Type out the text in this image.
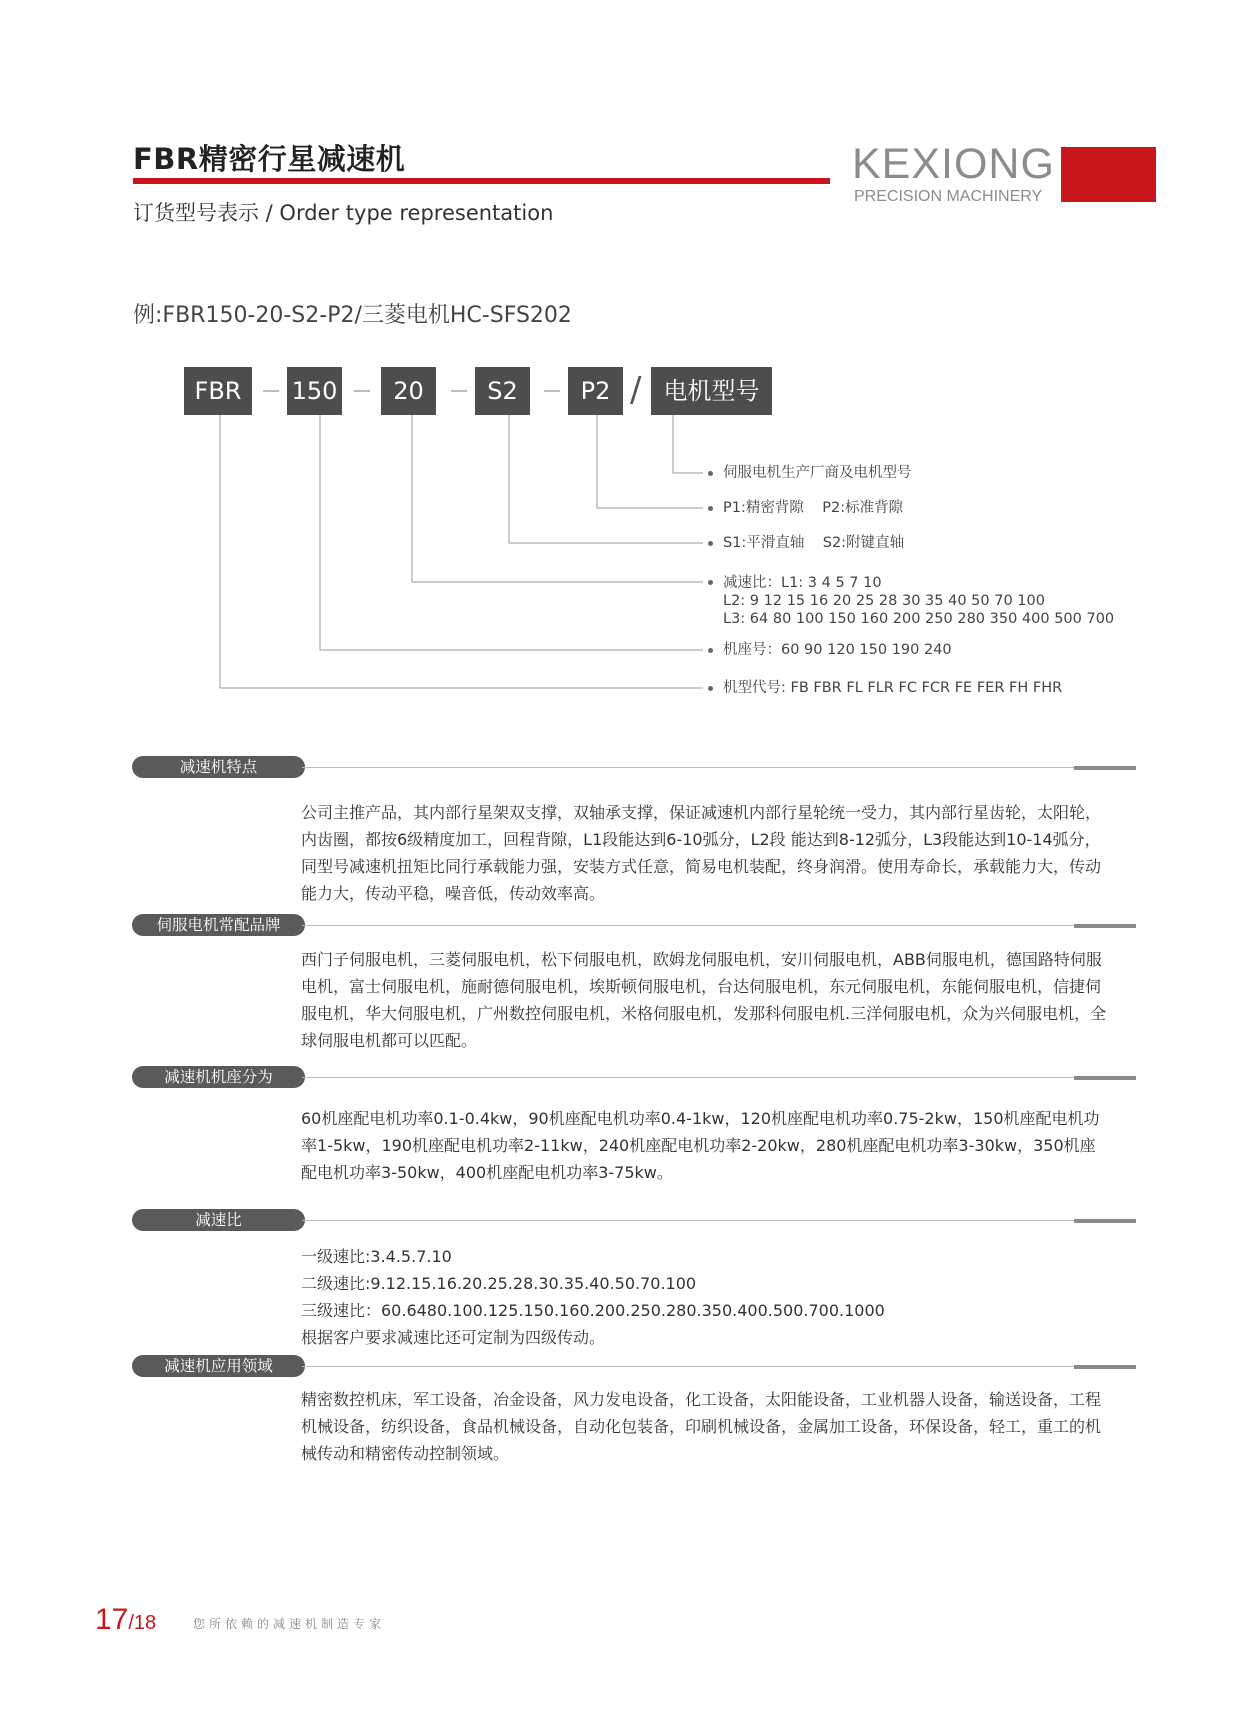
FBR精密行星减速机
订货型号表示 / Order type representation
KEXIONG
PRECISION MACHINERY
例:FBR150-20-S2-P2/三菱电机HC-SFS202
FBR	150	20	S2	P2 / 电机型号
伺服电机生产厂商及电机型号
P1:精密背隙    P2:标准背隙
S1:平滑直轴    S2:附键直轴
减速比：L1: 3 4 5 7 10
L2: 9 12 15 16 20 25 28 30 35 40 50 70 100
L3: 64 80 100 150 160 200 250 280 350 400 500 700
机座号：60 90 120 150 190 240
机型代号: FB FBR FL FLR FC FCR FE FER FH FHR
减速机特点
公司主推产品，其内部行星架双支撑，双轴承支撑，保证减速机内部行星轮统一受力，其内部行星齿轮，太阳轮，
内齿圈，都按6级精度加工，回程背隙，L1段能达到6-10弧分，L2段 能达到8-12弧分，L3段能达到10-14弧分，
同型号减速机扭矩比同行承载能力强，安装方式任意，简易电机装配，终身润滑。使用寿命长，承载能力大，传动
能力大，传动平稳，噪音低，传动效率高。
伺服电机常配品牌
西门子伺服电机，三菱伺服电机，松下伺服电机，欧姆龙伺服电机，安川伺服电机，ABB伺服电机，德国路特伺服
电机，富士伺服电机，施耐德伺服电机，埃斯顿伺服电机，台达伺服电机，东元伺服电机，东能伺服电机，信捷伺
服电机，华大伺服电机，广州数控伺服电机，米格伺服电机，发那科伺服电机.三洋伺服电机，众为兴伺服电机，全
球伺服电机都可以匹配。
减速机机座分为
60机座配电机功率0.1-0.4kw，90机座配电机功率0.4-1kw，120机座配电机功率0.75-2kw，150机座配电机功
率1-5kw，190机座配电机功率2-11kw，240机座配电机功率2-20kw，280机座配电机功率3-30kw，350机座
配电机功率3-50kw，400机座配电机功率3-75kw。
减速比
一级速比:3.4.5.7.10
二级速比:9.12.15.16.20.25.28.30.35.40.50.70.100
三级速比：60.6480.100.125.150.160.200.250.280.350.400.500.700.1000
根据客户要求减速比还可定制为四级传动。
减速机应用领域
精密数控机床，军工设备，冶金设备，风力发电设备，化工设备，太阳能设备，工业机器人设备，输送设备，工程
机械设备，纺织设备，食品机械设备，自动化包装备，印刷机械设备，金属加工设备，环保设备，轻工，重工的机
械传动和精密传动控制领域。
17/18	您所依赖的减速机制造专家
